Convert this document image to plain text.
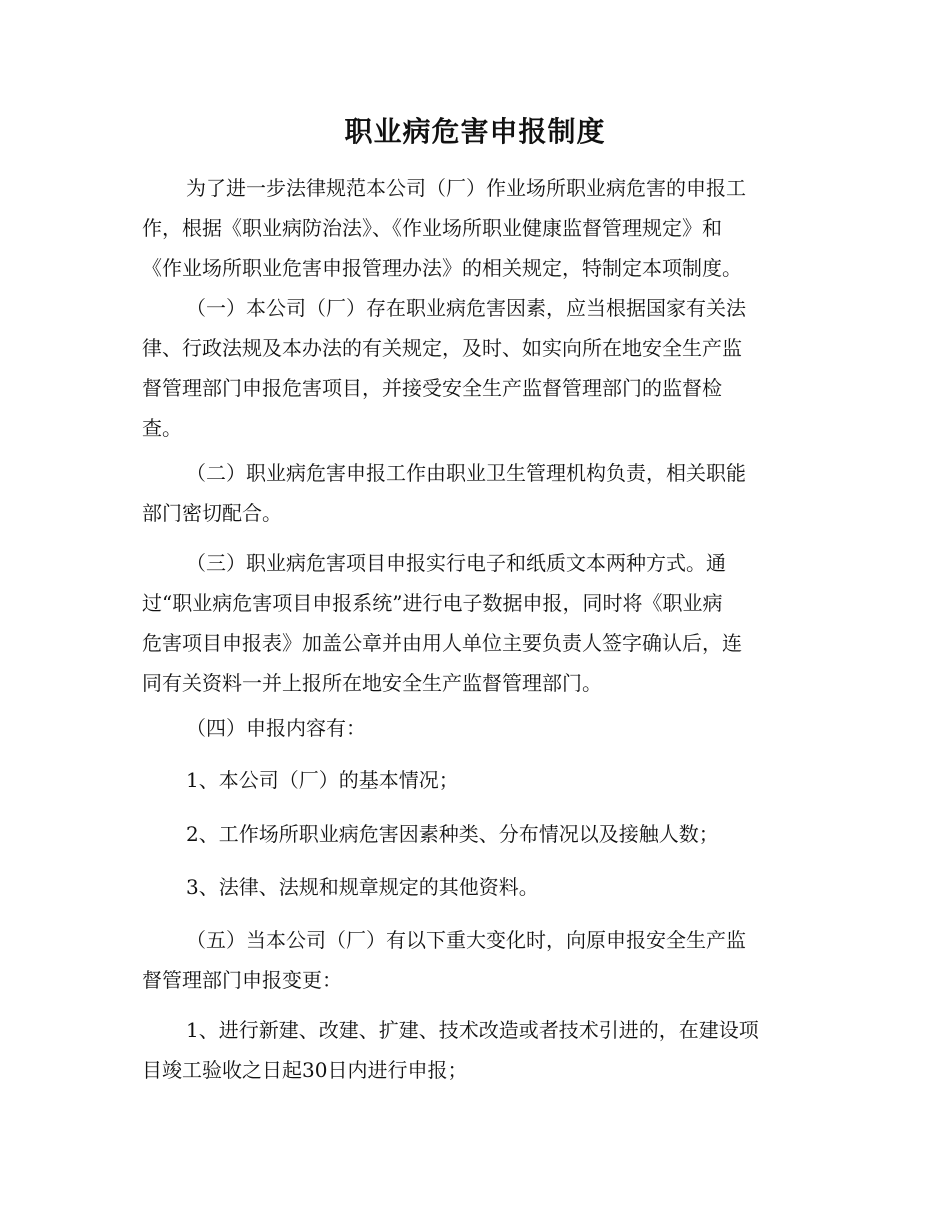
职业病危害申报制度
为了进一步法律规范本公司（厂）作业场所职业病危害的申报工
作，根据《职业病防治法》、《作业场所职业健康监督管理规定》和
《作业场所职业危害申报管理办法》的相关规定，特制定本项制度。
（一）本公司（厂）存在职业病危害因素，应当根据国家有关法
律、行政法规及本办法的有关规定，及时、如实向所在地安全生产监
督管理部门申报危害项目，并接受安全生产监督管理部门的监督检
查。
（二）职业病危害申报工作由职业卫生管理机构负责，相关职能
部门密切配合。
（三）职业病危害项目申报实行电子和纸质文本两种方式。通
过“职业病危害项目申报系统”进行电子数据申报，同时将《职业病
危害项目申报表》加盖公章并由用人单位主要负责人签字确认后，连
同有关资料一并上报所在地安全生产监督管理部门。
（四）申报内容有：
1、本公司（厂）的基本情况；
2、工作场所职业病危害因素种类、分布情况以及接触人数；
3、法律、法规和规章规定的其他资料。
（五）当本公司（厂）有以下重大变化时，向原申报安全生产监
督管理部门申报变更：
1、进行新建、改建、扩建、技术改造或者技术引进的，在建设项
目竣工验收之日起30日内进行申报；
